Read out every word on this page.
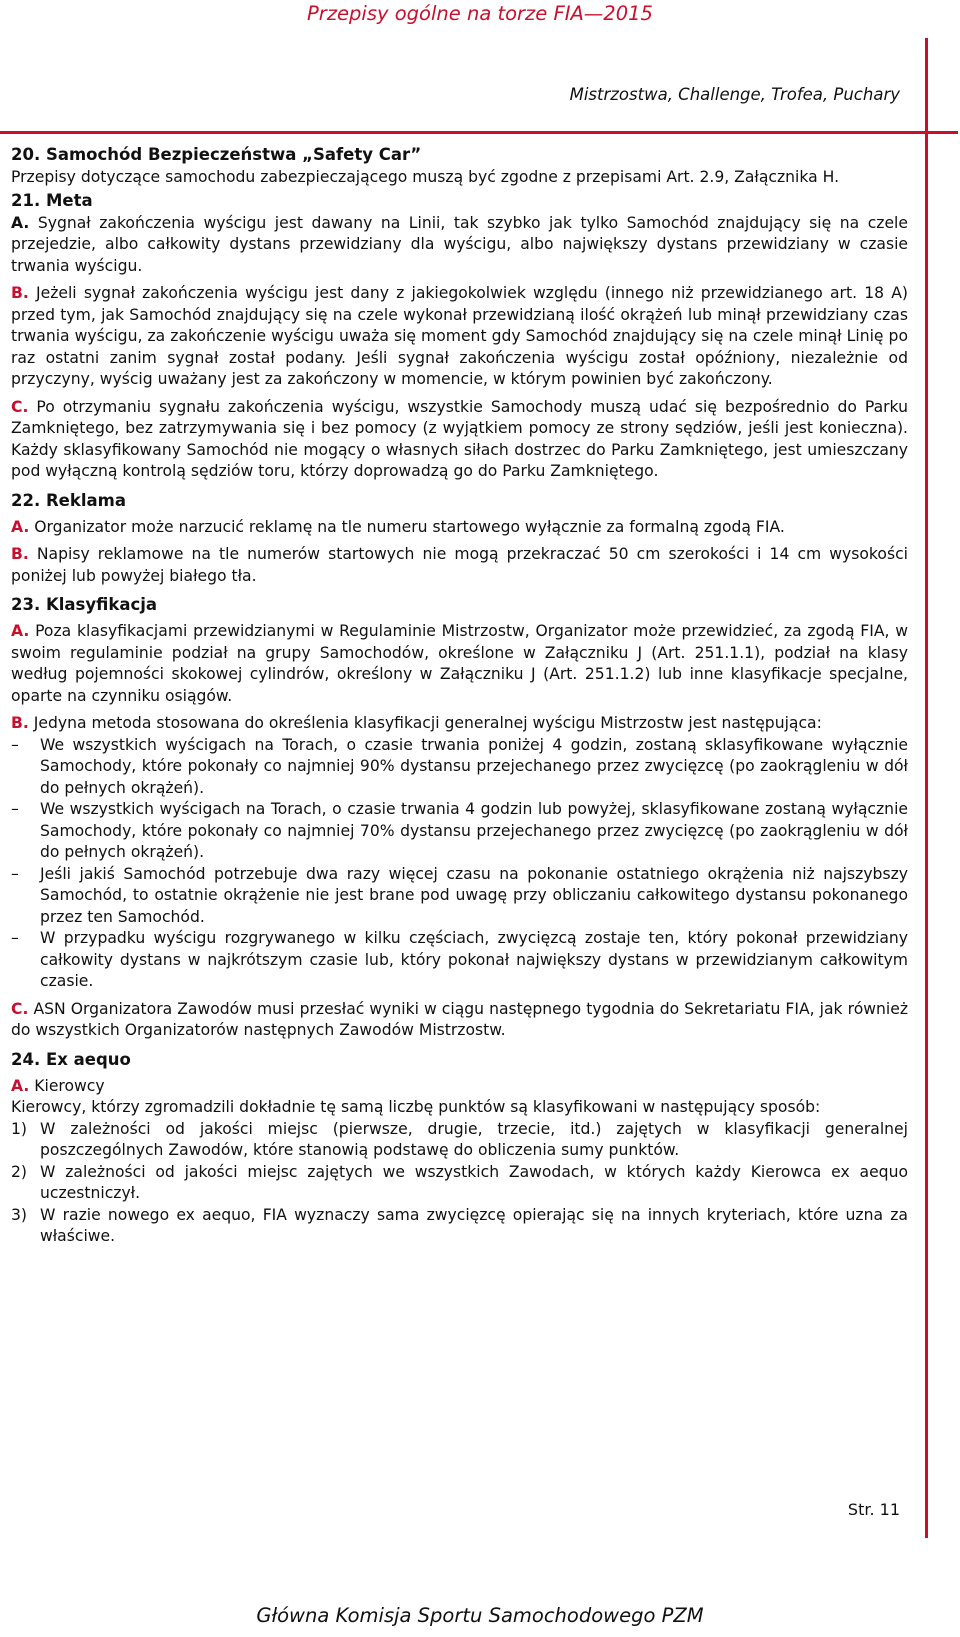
Przepisy ogólne na torze FIA—2015
Mistrzostwa, Challenge, Trofea, Puchary
20. Samochód Bezpieczeństwa „Safety Car”

Przepisy dotyczące samochodu zabezpieczającego muszą być zgodne z przepisami Art. 2.9, Załącznika H.

21. Meta

A. Sygnał zakończenia wyścigu jest dawany na Linii, tak szybko jak tylko Samochód znajdujący się na czele przejedzie, albo całkowity dystans przewidziany dla wyścigu, albo największy dystans przewidziany w czasie trwania wyścigu.

B. Jeżeli sygnał zakończenia wyścigu jest dany z jakiegokolwiek względu (innego niż przewidzianego art. 18 A) przed tym, jak Samochód znajdujący się na czele wykonał przewidzianą ilość okrążeń lub minął przewidziany czas trwania wyścigu, za zakończenie wyścigu uważa się moment gdy Samochód znajdujący się na czele minął Linię po raz ostatni zanim sygnał został podany. Jeśli sygnał zakończenia wyścigu został opóźniony, niezależnie od przyczyny, wyścig uważany jest za zakończony w momencie, w którym powinien być zakończony.

C. Po otrzymaniu sygnału zakończenia wyścigu, wszystkie Samochody muszą udać się bezpośrednio do Parku Zamkniętego, bez zatrzymywania się i bez pomocy (z wyjątkiem pomocy ze strony sędziów, jeśli jest konieczna). Każdy sklasyfikowany Samochód nie mogący o własnych siłach dostrzec do Parku Zamkniętego, jest umieszczany pod wyłączną kontrolą sędziów toru, którzy doprowadzą go do Parku Zamkniętego.

22. Reklama

A. Organizator może narzucić reklamę na tle numeru startowego wyłącznie za formalną zgodą FIA.

B. Napisy reklamowe na tle numerów startowych nie mogą przekraczać 50 cm szerokości i 14 cm wysokości poniżej lub powyżej białego tła.

23. Klasyfikacja

A. Poza klasyfikacjami przewidzianymi w Regulaminie Mistrzostw, Organizator może przewidzieć, za zgodą FIA, w swoim regulaminie podział na grupy Samochodów, określone w Załączniku J (Art. 251.1.1), podział na klasy według pojemności skokowej cylindrów, określony w Załączniku J (Art. 251.1.2) lub inne klasyfikacje specjalne, oparte na czynniku osiągów.

B. Jedyna metoda stosowana do określenia klasyfikacji generalnej wyścigu Mistrzostw jest następująca:

– We wszystkich wyścigach na Torach, o czasie trwania poniżej 4 godzin, zostaną sklasyfikowane wyłącznie Samochody, które pokonały co najmniej 90% dystansu przejechanego przez zwycięzcę (po zaokrągleniu w dół do pełnych okrążeń).
– We wszystkich wyścigach na Torach, o czasie trwania 4 godzin lub powyżej, sklasyfikowane zostaną wyłącznie Samochody, które pokonały co najmniej 70% dystansu przejechanego przez zwycięzcę (po zaokrągleniu w dół do pełnych okrążeń).
– Jeśli jakiś Samochód potrzebuje dwa razy więcej czasu na pokonanie ostatniego okrążenia niż najszybszy Samochód, to ostatnie okrążenie nie jest brane pod uwagę przy obliczaniu całkowitego dystansu pokonanego przez ten Samochód.
– W przypadku wyścigu rozgrywanego w kilku częściach, zwycięzcą zostaje ten, który pokonał przewidziany całkowity dystans w najkrótszym czasie lub, który pokonał największy dystans w przewidzianym całkowitym czasie.

C. ASN Organizatora Zawodów musi przesłać wyniki w ciągu następnego tygodnia do Sekretariatu FIA, jak również do wszystkich Organizatorów następnych Zawodów Mistrzostw.

24. Ex aequo

A. Kierowcy

Kierowcy, którzy zgromadzili dokładnie tę samą liczbę punktów są klasyfikowani w następujący sposób:

1) W zależności od jakości miejsc (pierwsze, drugie, trzecie, itd.) zajętych w klasyfikacji generalnej poszczególnych Zawodów, które stanowią podstawę do obliczenia sumy punktów.
2) W zależności od jakości miejsc zajętych we wszystkich Zawodach, w których każdy Kierowca ex aequo uczestniczył.
3) W razie nowego ex aequo, FIA wyznaczy sama zwycięzcę opierając się na innych kryteriach, które uzna za właściwe.
Str. 11
Główna Komisja Sportu Samochodowego PZM
